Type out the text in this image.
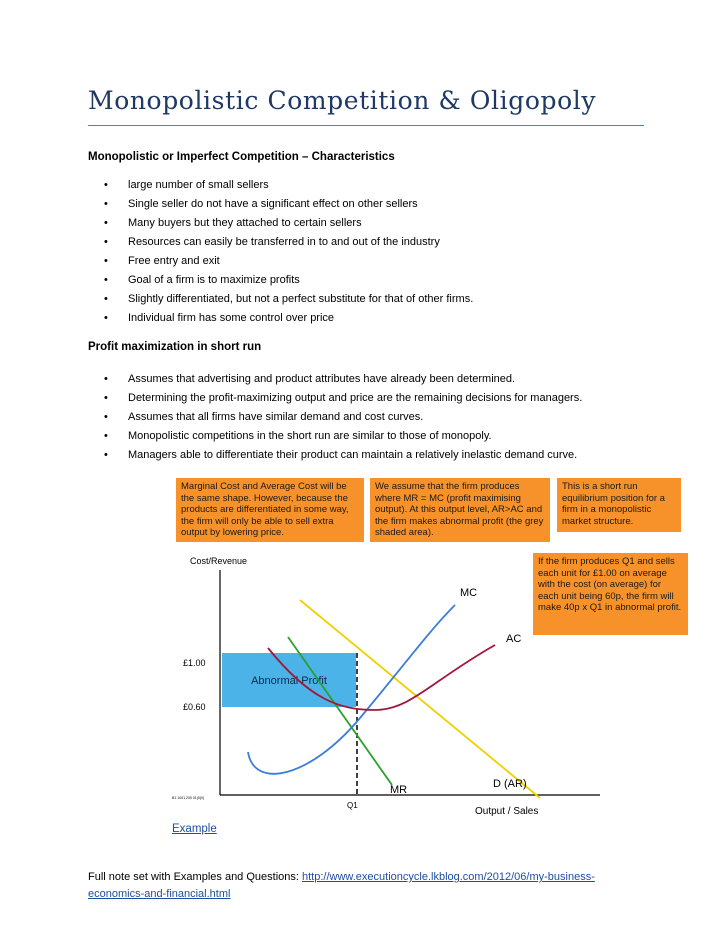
Monopolistic Competition & Oligopoly
Monopolistic or Imperfect Competition – Characteristics
• large number of small sellers
• Single seller do not have a significant effect on other sellers
• Many buyers but they attached to certain sellers
• Resources can easily be transferred in to and out of the industry
• Free entry and exit
• Goal of a firm is to maximize profits
• Slightly differentiated, but not a perfect substitute for that of other firms.
• Individual firm has some control over price
Profit maximization in short run
• Assumes that advertising and product attributes have already been determined.
• Determining the profit-maximizing output and price are the remaining decisions for managers.
• Assumes that all firms have similar demand and cost curves.
• Monopolistic competitions in the short run are similar to those of monopoly.
• Managers able to differentiate their product can maintain a relatively inelastic demand curve.
Marginal Cost and Average Cost will be the same shape. However, because the products are differentiated in some way, the firm will only be able to sell extra output by lowering price.
We assume that the firm produces where MR = MC (profit maximising output). At this output level, AR>AC and the firm makes abnormal profit (the grey shaded area).
This is a short run equilibrium position for a firm in a monopolistic market structure.
Cost/Revenue
Output / Sales
B1 1001 200 01(0(0)
£1.00
£0.60
Abnormal Profit
Q1
D (AR)
MR
MC
AC
If the firm produces Q1 and sells each unit for £1.00 on average with the cost (on average) for each unit being 60p, the firm will make 40p x Q1 in abnormal profit.
Example
Full note set with Examples and Questions: http://www.executioncycle.lkblog.com/2012/06/my-business-economics-and-financial.html
